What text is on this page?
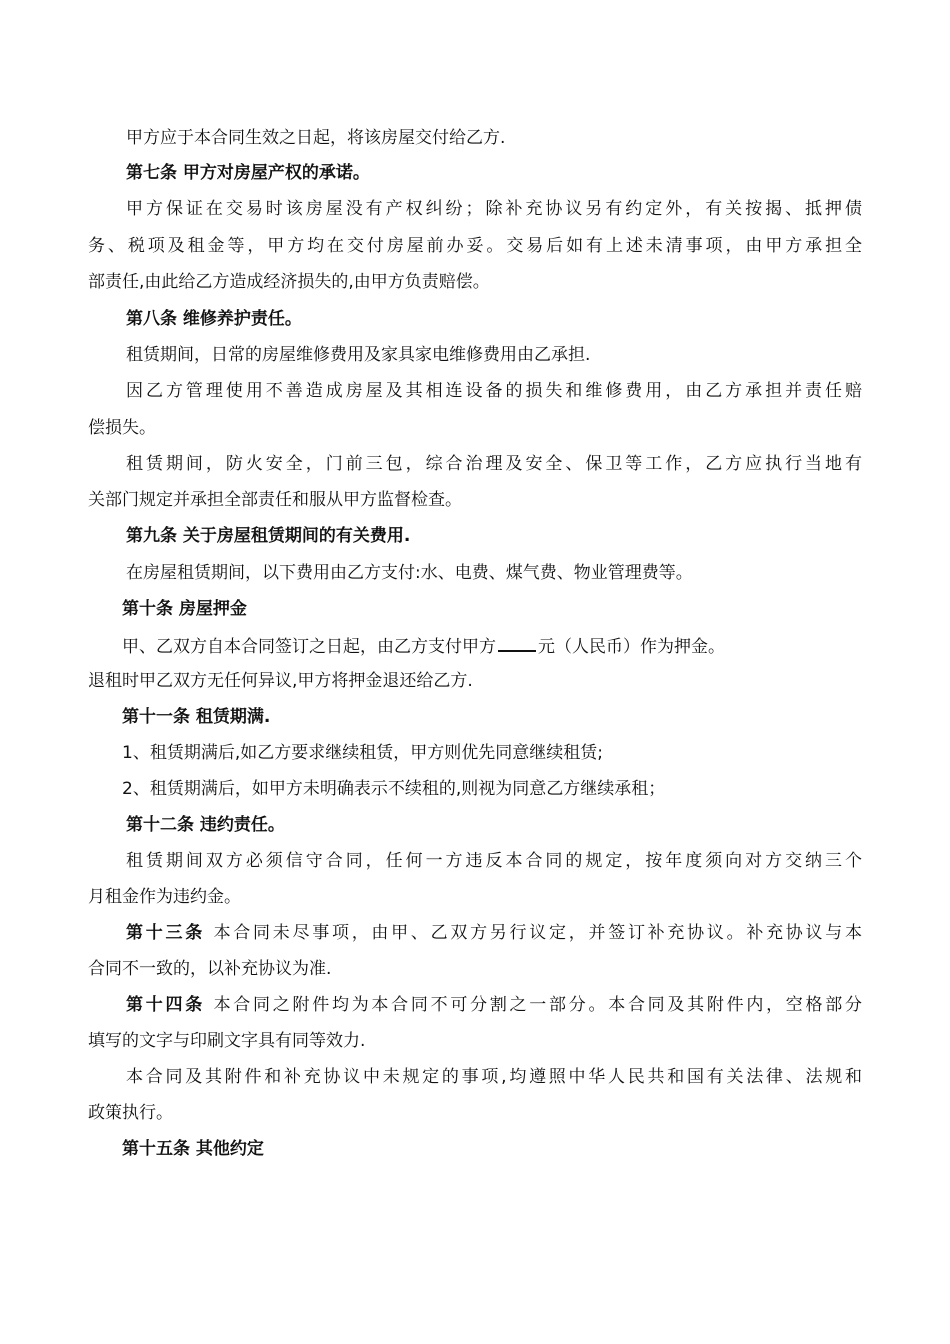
甲方应于本合同生效之日起，将该房屋交付给乙方.
第七条 甲方对房屋产权的承诺。
甲方保证在交易时该房屋没有产权纠纷；除补充协议另有约定外，有关按揭、抵押债
务、税项及租金等，甲方均在交付房屋前办妥。交易后如有上述未清事项，由甲方承担全
部责任,由此给乙方造成经济损失的,由甲方负责赔偿。
第八条 维修养护责任。
租赁期间，日常的房屋维修费用及家具家电维修费用由乙承担.
因乙方管理使用不善造成房屋及其相连设备的损失和维修费用，由乙方承担并责任赔
偿损失。
租赁期间，防火安全，门前三包，综合治理及安全、保卫等工作，乙方应执行当地有
关部门规定并承担全部责任和服从甲方监督检查。
第九条 关于房屋租赁期间的有关费用.
在房屋租赁期间，以下费用由乙方支付:水、电费、煤气费、物业管理费等。
第十条 房屋押金
甲、乙双方自本合同签订之日起，由乙方支付甲方 元（人民币）作为押金。
退租时甲乙双方无任何异议,甲方将押金退还给乙方.
第十一条 租赁期满.
1、租赁期满后,如乙方要求继续租赁，甲方则优先同意继续租赁;
2、租赁期满后，如甲方未明确表示不续租的,则视为同意乙方继续承租；
第十二条 违约责任。
租赁期间双方必须信守合同，任何一方违反本合同的规定，按年度须向对方交纳三个
月租金作为违约金。
第十三条 本合同未尽事项，由甲、乙双方另行议定，并签订补充协议。补充协议与本
合同不一致的，以补充协议为准.
第十四条 本合同之附件均为本合同不可分割之一部分。本合同及其附件内，空格部分
填写的文字与印刷文字具有同等效力.
本合同及其附件和补充协议中未规定的事项,均遵照中华人民共和国有关法律、法规和
政策执行。
第十五条 其他约定
